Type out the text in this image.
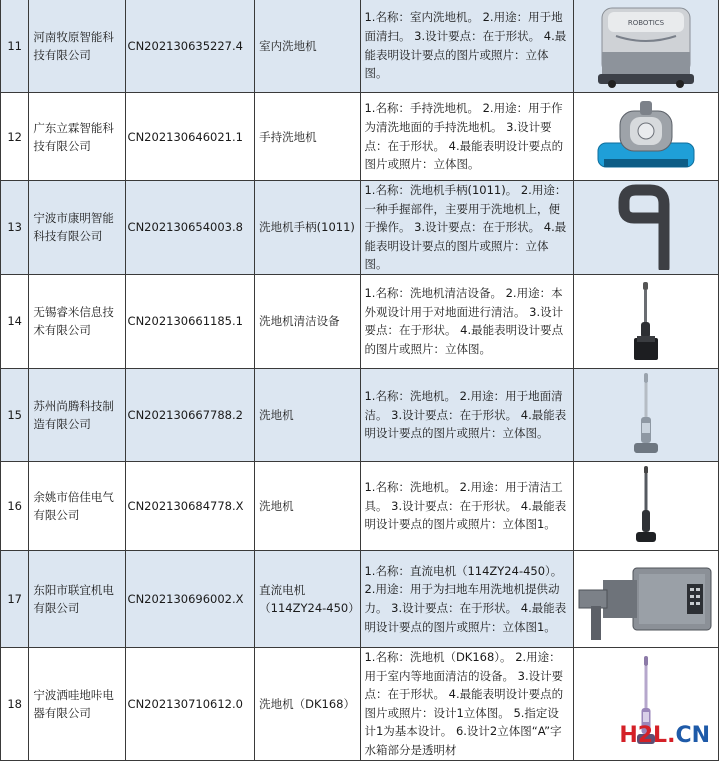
11	河南牧原智能科技有限公司	CN202130635227.4	室内洗地机	1.名称：室内洗地机。 2.用途：用于地面清扫。 3.设计要点：在于形状。 4.最能表明设计要点的图片或照片：立体图。	ROBOTICS

12	广东立霖智能科技有限公司	CN202130646021.1	手持洗地机	1.名称：手持洗地机。 2.用途：用于作为清洗地面的手持洗地机。 3.设计要点：在于形状。 4.最能表明设计要点的图片或照片：立体图。	

13	宁波市康明智能科技有限公司	CN202130654003.8	洗地机手柄(1011)	1.名称：洗地机手柄(1011)。 2.用途：一种手握部件，主要用于洗地机上，便于操作。 3.设计要点：在于形状。 4.最能表明设计要点的图片或照片：立体图。	

14	无锡睿米信息技术有限公司	CN202130661185.1	洗地机清洁设备	1.名称：洗地机清洁设备。 2.用途：本外观设计用于对地面进行清洁。 3.设计要点：在于形状。 4.最能表明设计要点的图片或照片：立体图。	

15	苏州尚腾科技制造有限公司	CN202130667788.2	洗地机	1.名称：洗地机。 2.用途：用于地面清洁。 3.设计要点：在于形状。 4.最能表明设计要点的图片或照片：立体图。	

16	余姚市倍佳电气有限公司	CN202130684778.X	洗地机	1.名称：洗地机。 2.用途：用于清洁工具。 3.设计要点：在于形状。 4.最能表明设计要点的图片或照片：立体图1。	

17	东阳市联宜机电有限公司	CN202130696002.X	直流电机（114ZY24-450）	1.名称：直流电机（114ZY24-450）。 2.用途：用于为扫地车用洗地机提供动力。 3.设计要点：在于形状。 4.最能表明设计要点的图片或照片：立体图1。	

18	宁波洒哇地咔电器有限公司	CN202130710612.0	洗地机（DK168）	1.名称：洗地机（DK168）。 2.用途：用于室内等地面清洁的设备。 3.设计要点：在于形状。 4.最能表明设计要点的图片或照片：设计1立体图。 5.指定设计1为基本设计。 6.设计2立体图“A”字水箱部分是透明材	
H2L.CN
